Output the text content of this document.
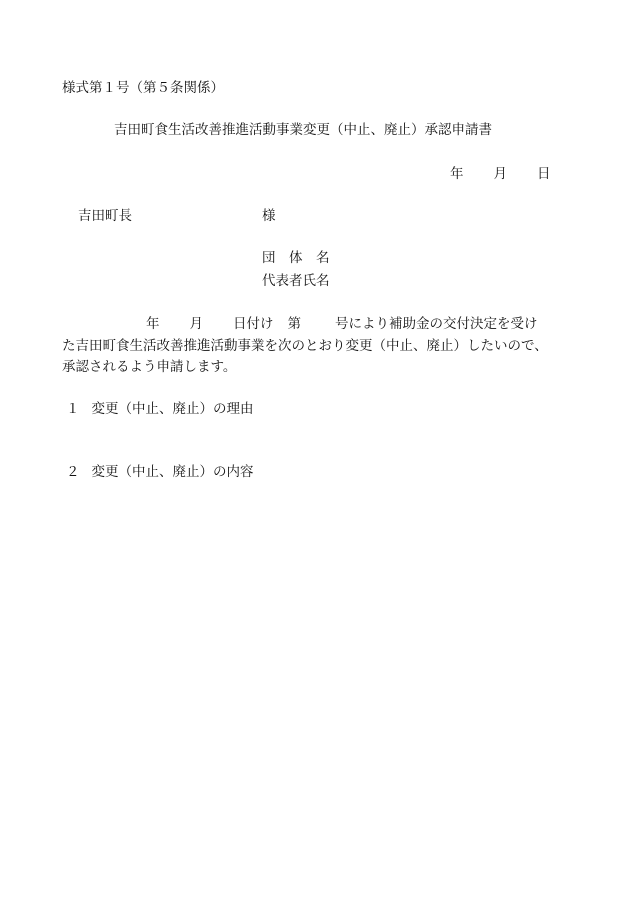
様式第１号（第５条関係）
吉田町食生活改善推進活動事業変更（中止、廃止）承認申請書
年 月 日
吉田町長	様
団　体　名
代表者氏名
年 月 日付け 第	号により補助金の交付決定を受け
た吉田町食生活改善推進活動事業を次のとおり変更（中止、廃止）したいので、
承認されるよう申請します。
１ 変更（中止、廃止）の理由
２ 変更（中止、廃止）の内容
